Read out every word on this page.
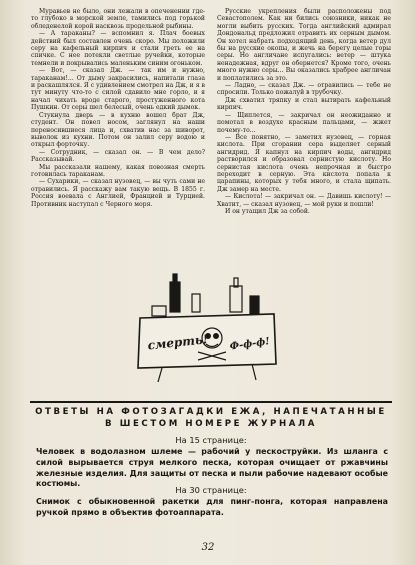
Муравьев не было, они лежали в опеченении где-то глубоко в морской земле, тамились под горькой обледенелой корой насквозь продельной рыбины.

— А тараканы? — вспомнил я. Плач боевых действий был составлен очень скоро. Мы положили серу на кафельный кирпич и стали греть ее на спичке. С нее потекли светлые ручейки, которые темнели и покрывались маленьким синим огоньком.

— Вот, — сказал Дж. — так им и нужно, тараканам!... От дыму закрасились, напитали глаза и раскашлялся. Я с удивлением смотрел на Дж, и я в тут минуту что-то с силой сдавило мне горло, и я начал чихать вроде старого, простуженного кота Пушкин. От серы шел белесый, очень едкий дымок.

Стукнула дверь — в кухню вошел брат Дж, студент. Он повел носом, заглянул на наши переносившиеся лица и, схватив нас за шиворот, выволок из кухни. Потом он залил серу водою и открыл форточку.

— Сотрудник, — сказал он. — В чем дело? Рассказывай.

Мы рассказали нашему, какая повозная смерть готовилась тараканам.

— Сухарики, — сказал нузовец, — вы чуть сами не отравились. Я расскажу вам такую вещь. В 1855 г. Россия воевала с Англией, Францией и Турцией. Противник наступал с Черного моря.

Русские укрепления были расположены под Севастополем. Как ни бились союзники, никак не могли выбить русских. Тогда английский адмирал Дондональд предложил отравить их серным дымом. Он хотел набрать подходящий день, когда ветер дул бы на русские окопы, и жечь на берегу целые горы серы. Но англичане испугались: ветер — штука ненадежная, вдруг он обернется? Кроме того, очень много нужно серы... Вы оказались храбрее англичан и поплатились за это.

— Ладно, — сказал Дж. — отравились — тебе не спросили. Только пожалуй в трубочку.

Дж схватил тряпку и стал вытирать кафельный кирпич.

— Щиплется, — закричал он неожиданно и помотал в воздухе красным пальцами, — жжет почему-то...

— Все понятно, — заметил нузовец, — горная кислота. При сгорании сера выделяет серный ангидрид. Я капнул на кирпич воды, ангидрид растворился и образовал сернистую кислоту. Но сернистая кислота очень непрочная и быстро переходит в серную. Эта кислота попала к царапины, которых у тебя много, и стала щипать. Дж замер на месте.

— Кислота! — закричал он. — Давишь кислоту! — Хватит, — сказал нузовец, — мой руки и пошли!

И он утащил Дж за собой.

смерть! Ф-ф-ф!
ОТВЕТЫ НА ФОТОЗАГАДКИ ЕЖА, НАПЕЧАТАННЫЕ
В ШЕСТОМ НОМЕРЕ ЖУРНАЛА
На 15 странице:
Человек в водолазном шлеме — рабочий у пескоструйки. Из шланга с силой вырывается струя мелкого песка, которая очищает от ржавчины железные изделия. Для защиты от песка и пыли рабочие надевают особые костюмы.
На 30 странице:
Снимок с обыкновенной ракетки для пинг-понга, которая направлена ручкой прямо в объектив фотоаппарата.
32
